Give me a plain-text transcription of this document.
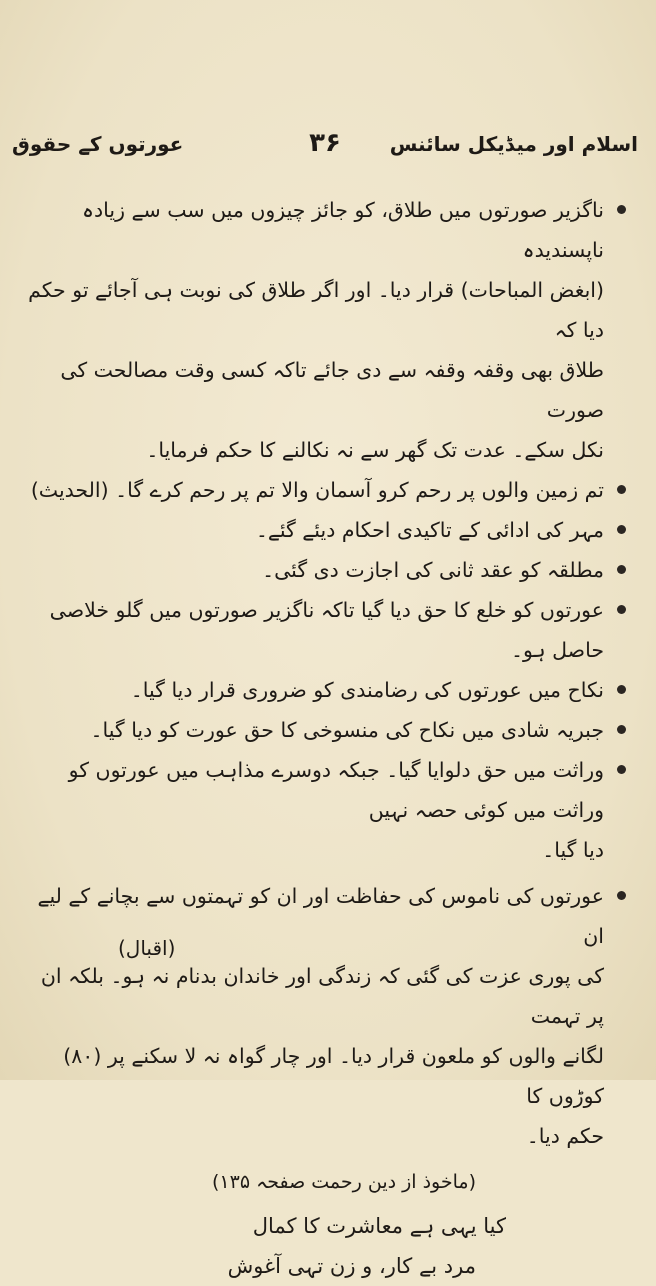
اسلام اور میڈیکل سائنس
۳۶
عورتوں کے حقوق

ناگزیر صورتوں میں طلاق، کو جائز چیزوں میں سب سے زیادہ ناپسندیدہ

(ابغض المباحات) قرار دیا۔ اور اگر طلاق کی نوبت ہی آجائے تو حکم دیا کہ

طلاق بھی وقفہ وقفہ سے دی جائے تاکہ کسی وقت مصالحت کی صورت

نکل سکے۔ عدت تک گھر سے نہ نکالنے کا حکم فرمایا۔

تم زمین والوں پر رحم کرو آسمان والا تم پر رحم کرے گا۔ (الحدیث)

مہر کی ادائی کے تاکیدی احکام دیئے گئے۔

مطلقہ کو عقد ثانی کی اجازت دی گئی۔

عورتوں کو خلع کا حق دیا گیا تاکہ ناگزیر صورتوں میں گلو خلاصی حاصل ہو۔

نکاح میں عورتوں کی رضامندی کو ضروری قرار دیا گیا۔

جبریہ شادی میں نکاح کی منسوخی کا حق عورت کو دیا گیا۔

وراثت میں حق دلوایا گیا۔ جبکہ دوسرے مذاہب میں عورتوں کو وراثت میں کوئی حصہ نہیں

دیا گیا۔

عورتوں کی ناموس کی حفاظت اور ان کو تہمتوں سے بچانے کے لیے ان

کی پوری عزت کی گئی کہ زندگی اور خاندان بدنام نہ ہو۔ بلکہ ان پر تہمت

لگانے والوں کو ملعون قرار دیا۔ اور چار گواہ نہ لا سکنے پر (۸۰) کوڑوں کا

حکم دیا۔

(ماخوذ از دین رحمت صفحہ ۱۳۵)

کیا یہی ہے معاشرت کا کمال

مرد بے کار، و زن تہی آغوش

(اقبال)
